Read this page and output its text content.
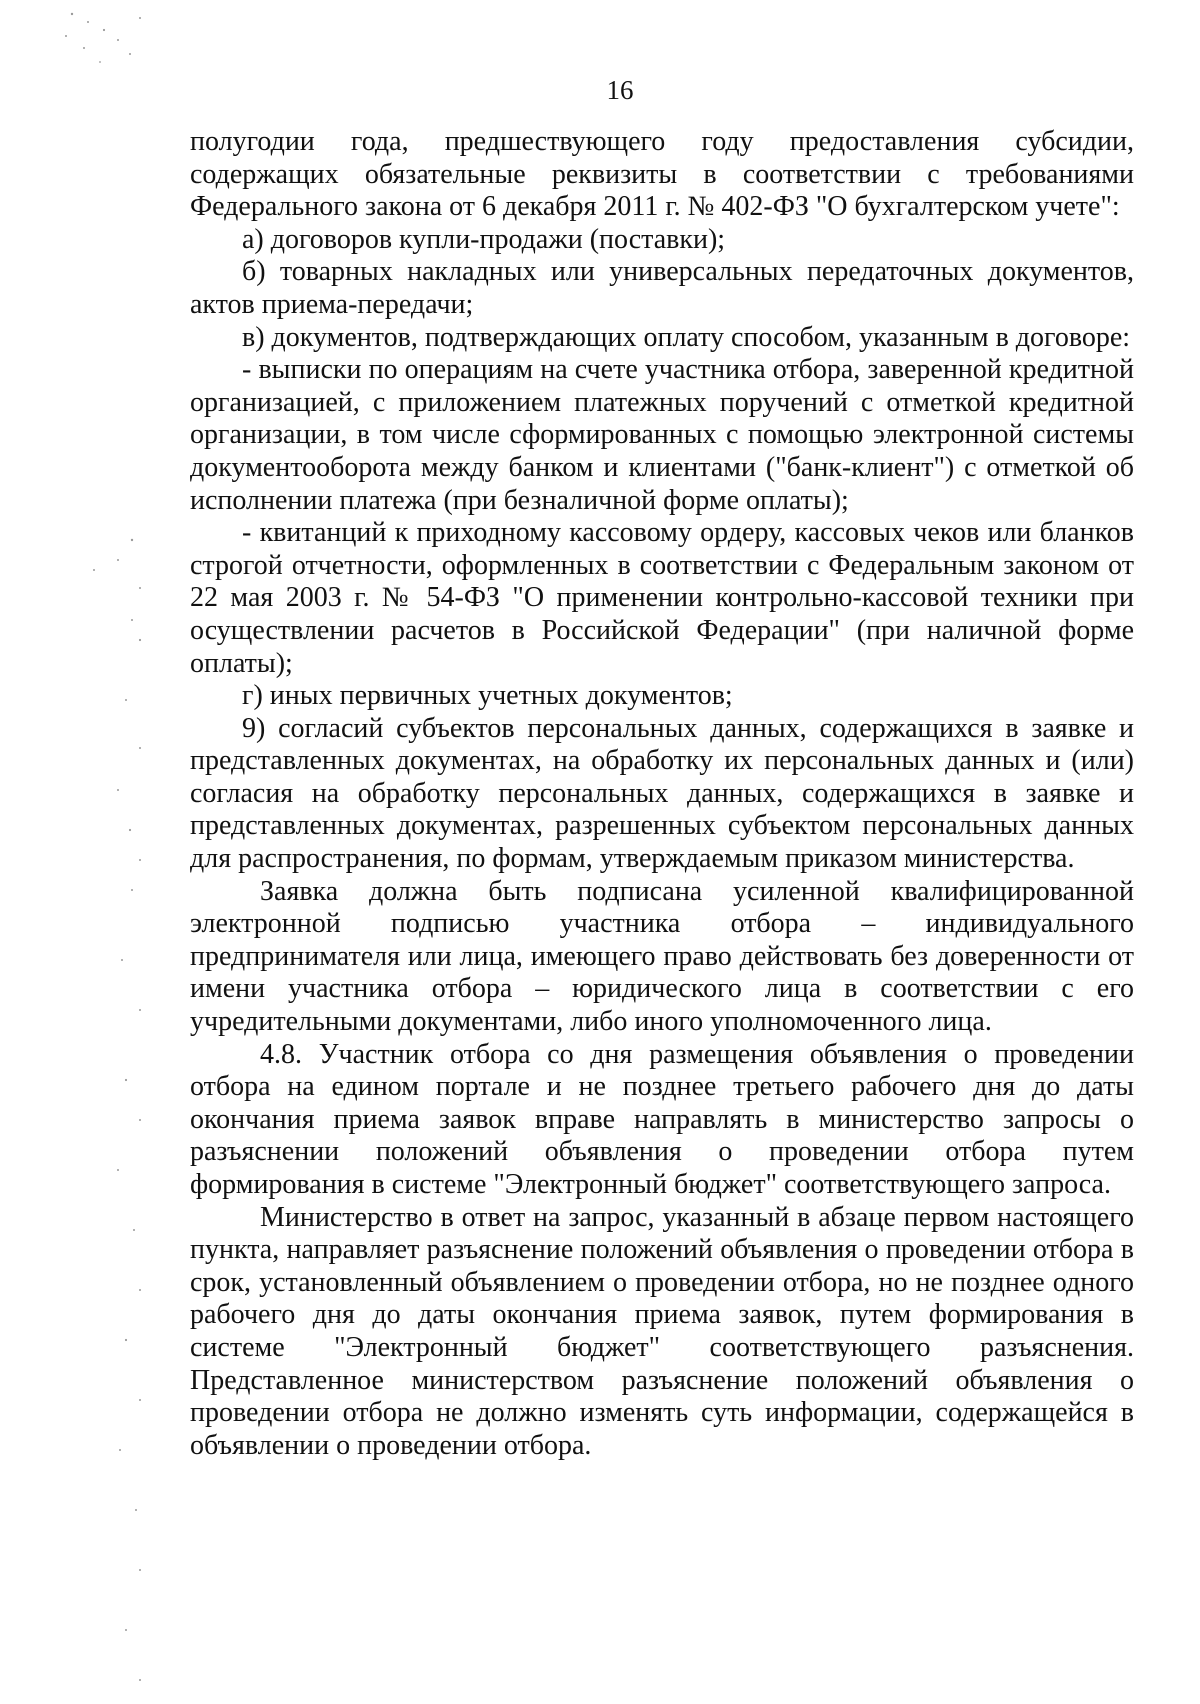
16

полугодии года, предшествующего году предоставления субсидии, содержащих обязательные реквизиты в соответствии с требованиями Федерального закона от 6 декабря 2011 г. № 402-ФЗ "О бухгалтерском учете":

а) договоров купли-продажи (поставки);

б) товарных накладных или универсальных передаточных документов, актов приема-передачи;

в) документов, подтверждающих оплату способом, указанным в договоре:

- выписки по операциям на счете участника отбора, заверенной кредитной организацией, с приложением платежных поручений с отметкой кредитной организации, в том числе сформированных с помощью электронной системы документооборота между банком и клиентами ("банк-клиент") с отметкой об исполнении платежа (при безналичной форме оплаты);

- квитанций к приходному кассовому ордеру, кассовых чеков или бланков строгой отчетности, оформленных в соответствии с Федеральным законом от 22 мая 2003 г. № 54-ФЗ "О применении контрольно-кассовой техники при осуществлении расчетов в Российской Федерации" (при наличной форме оплаты);

г) иных первичных учетных документов;

9) согласий субъектов персональных данных, содержащихся в заявке и представленных документах, на обработку их персональных данных и (или) согласия на обработку персональных данных, содержащихся в заявке и представленных документах, разрешенных субъектом персональных данных для распространения, по формам, утверждаемым приказом министерства.

Заявка должна быть подписана усиленной квалифицированной электронной подписью участника отбора – индивидуального предпринимателя или лица, имеющего право действовать без доверенности от имени участника отбора – юридического лица в соответствии с его учредительными документами, либо иного уполномоченного лица.

4.8. Участник отбора со дня размещения объявления о проведении отбора на едином портале и не позднее третьего рабочего дня до даты окончания приема заявок вправе направлять в министерство запросы о разъяснении положений объявления о проведении отбора путем формирования в системе "Электронный бюджет" соответствующего запроса.

Министерство в ответ на запрос, указанный в абзаце первом настоящего пункта, направляет разъяснение положений объявления о проведении отбора в срок, установленный объявлением о проведении отбора, но не позднее одного рабочего дня до даты окончания приема заявок, путем формирования в системе "Электронный бюджет" соответствующего разъяснения. Представленное министерством разъяснение положений объявления о проведении отбора не должно изменять суть информации, содержащейся в объявлении о проведении отбора.
